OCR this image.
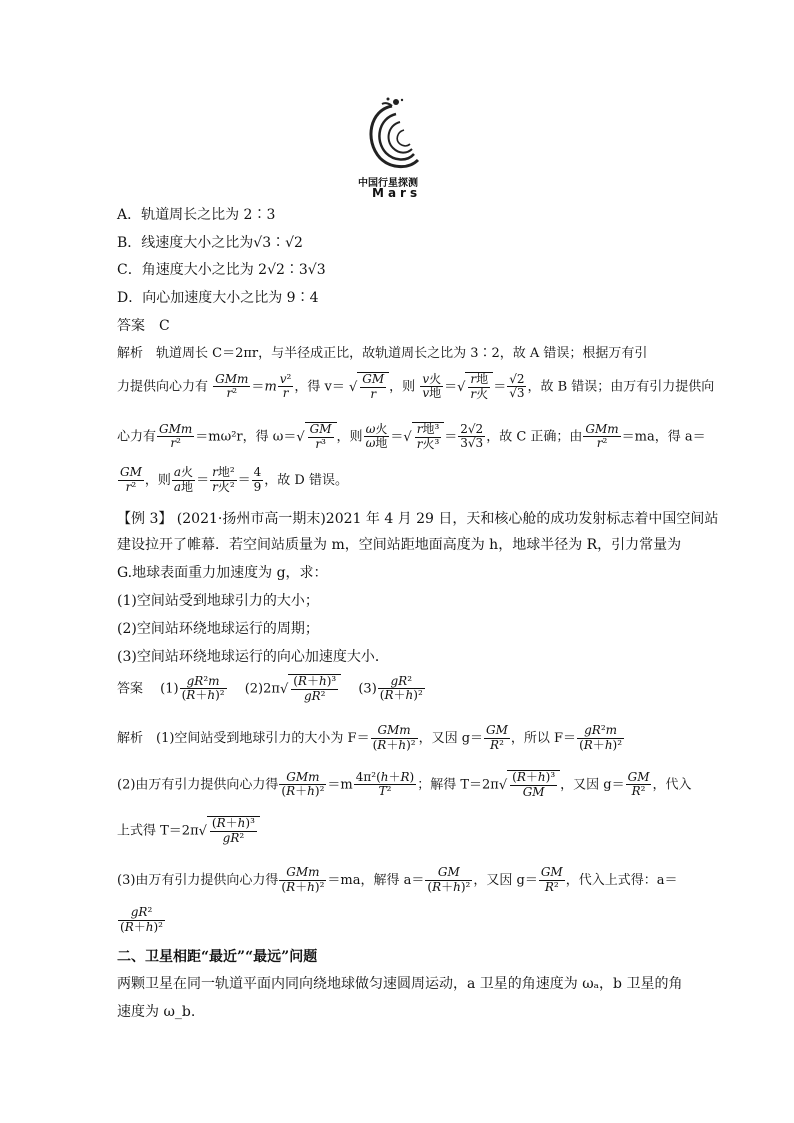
中国行星探测
Mars
A．轨道周长之比为 2∶3
B．线速度大小之比为√3∶√2
C．角速度大小之比为 2√2∶3√3
D．向心加速度大小之比为 9∶4
答案　C
解析　轨道周长 C＝2πr，与半径成正比，故轨道周长之比为 3∶2，故 A 错误；根据万有引
力提供向心力有 $\frac{\text{GMm}}{\text{r²}} =m \frac{\text{v²}}{r}$ ，得 v＝ √ $\frac{GM}{r}$ ，则 $\frac{\text{v火}}{\text{v地}}$ ＝√ $\frac{\text{r地}}{\text{r火}} = \frac{√2}{√3}$ ，故 B 错误；由万有引力提供向
心力有 $\frac{\text{GMm}}{\text{r²}} =m\omega^2r$，得 $\omega=√ \frac{GM}{\text{r³}}$ ，则 $\frac{\text{ω火}}{\text{ω地}}$ ＝√ $\frac{\text{r地³}}{\text{r火³}} = \frac{2√2}{3√3}$ ，故 C 正确；由 $\frac{\text{GMm}}{\text{r²}} =ma$，得 a＝
$\frac{GM}{\text{r²}}$ ，则 $\frac{\text{a火}}{\text{a地}} = \frac{\text{r地²}}{\text{r火²}} = \frac{4}{9}$ ，故 D 错误。
【例 3】 (2021·扬州市高一期末)2021 年 4 月 29 日，天和核心舱的成功发射标志着中国空间站
建设拉开了帷幕．若空间站质量为 m，空间站距地面高度为 h，地球半径为 R，引力常量为
G.地球表面重力加速度为 g，求：
(1)空间站受到地球引力的大小；
(2)空间站环绕地球运行的周期；
(3)空间站环绕地球运行的向心加速度大小．
答案　 $(1) \frac{\text{gR²m}}{\text{(R＋h)²}}$
　 $(2)2\pi√ \frac{\text{(R＋h)³}}{\text{gR²}}$
　 $(3) \frac{\text{gR²}}{\text{(R＋h)²}}$
解析　(1)空间站受到地球引力的大小为 $F= \frac{\text{GMm}}{\text{(R＋h)²}}$ ，又因 $g= \frac{GM}{\text{R²}}$ ，所以 $F= \frac{\text{gR²m}}{\text{(R＋h)²}}$
(2)由万有引力提供向心力得 $\frac{\text{GMm}}{\text{(R＋h)²}} =m \frac{\text{4π²(h＋R)}}{\text{T²}}$ ；解得 $T=2\pi√ \frac{\text{(R＋h)³}}{GM}$ ，又因 $g= \frac{GM}{\text{R²}}$ ，代入
上式得 $T=2\pi√ \frac{\text{(R＋h)³}}{\text{gR²}}$
(3)由万有引力提供向心力得 $\frac{\text{GMm}}{\text{(R＋h)²}} =ma$，解得 $a= \frac{GM}{\text{(R＋h)²}}$ ，又因 $g= \frac{GM}{\text{R²}}$ ，代入上式得：a＝
$\frac{\text{gR²}}{\text{(R＋h)²}}$
二、卫星相距“最近”“最远”问题
两颗卫星在同一轨道平面内同向绕地球做匀速圆周运动，a 卫星的角速度为 ωₐ，b 卫星的角
速度为 ω_b.
